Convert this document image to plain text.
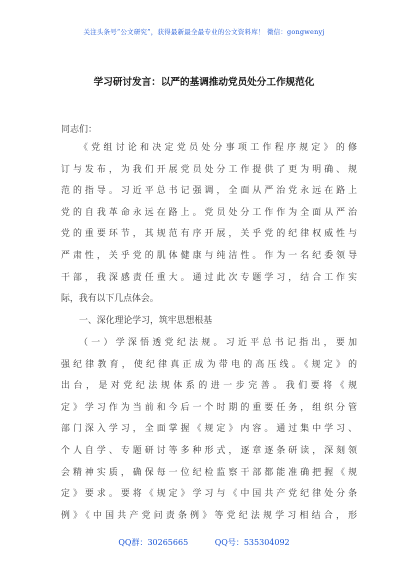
关注头条号“公文研究”，获得最新最全最专业的公文资料库！ 微信：gongwenyj
学习研讨发言：以严的基调推动党员处分工作规范化
同志们：
《党组讨论和决定党员处分事项工作程序规定》的修
订与发布，为我们开展党员处分工作提供了更为明确、规
范的指导。习近平总书记强调，全面从严治党永远在路上
党的自我革命永远在路上。党员处分工作作为全面从严治
党的重要环节，其规范有序开展，关乎党的纪律权威性与
严肃性，关乎党的肌体健康与纯洁性。作为一名纪委领导
干部，我深感责任重大。通过此次专题学习，结合工作实
际，我有以下几点体会。
一、深化理论学习，筑牢思想根基
（一）学深悟透党纪法规。习近平总书记指出，要加
强纪律教育，使纪律真正成为带电的高压线。《规定》的
出台，是对党纪法规体系的进一步完善。我们要将《规
定》学习作为当前和今后一个时期的重要任务，组织分管
部门深入学习，全面掌握《规定》内容。通过集中学习、
个人自学、专题研讨等多种形式，逐章逐条研读，深刻领
会精神实质，确保每一位纪检监察干部都能准确把握《规
定》要求。要将《规定》学习与《中国共产党纪律处分条
例》《中国共产党问责条例》等党纪法规学习相结合，形
QQ群：30265665	QQ号：535304092
